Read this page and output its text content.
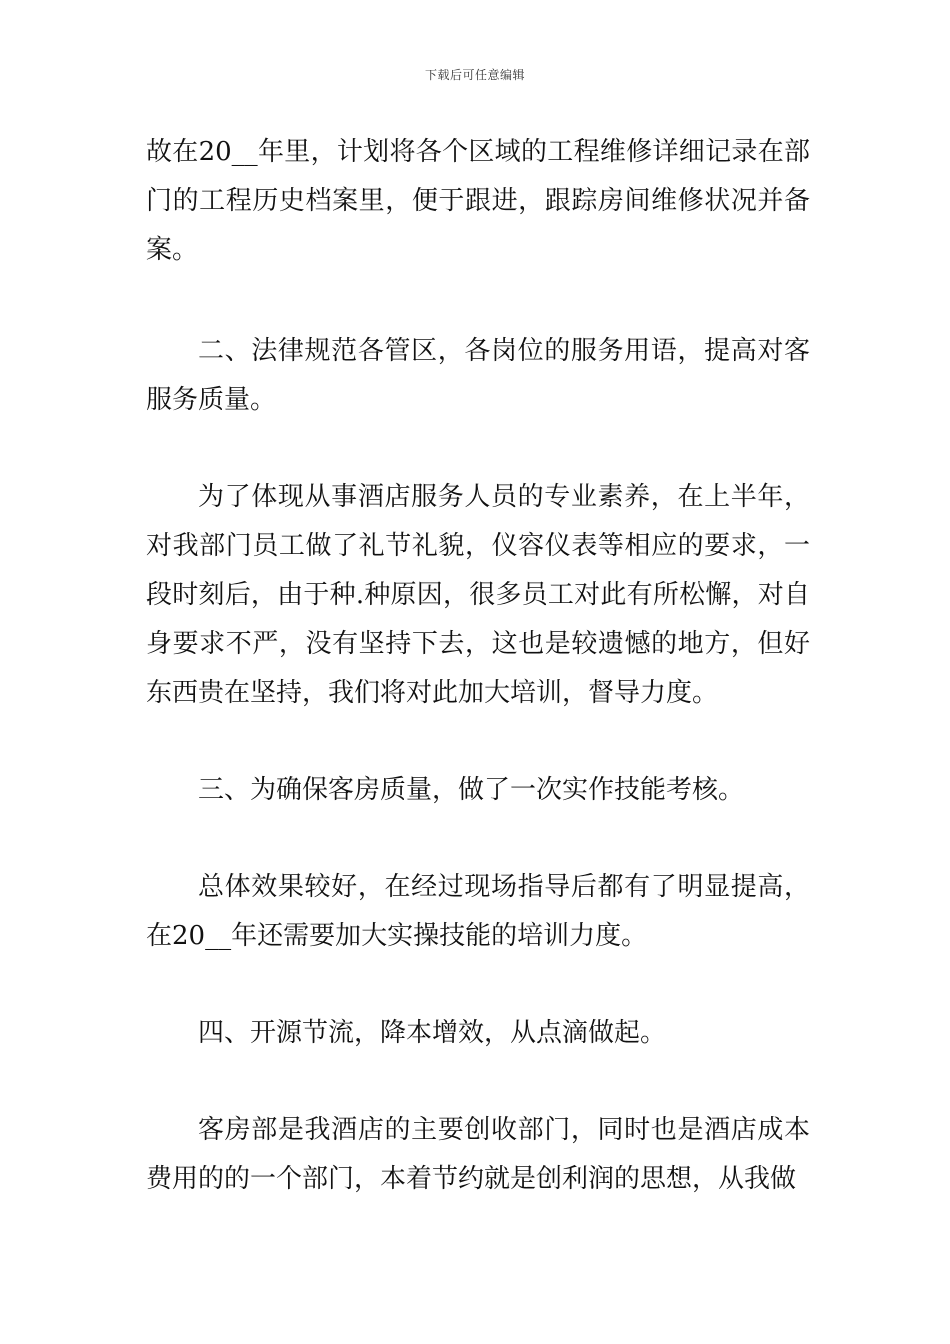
下载后可任意编辑

故在20__年里，计划将各个区域的工程维修详细记录在部门的工程历史档案里，便于跟进，跟踪房间维修状况并备案。

二、法律规范各管区，各岗位的服务用语，提高对客服务质量。

为了体现从事酒店服务人员的专业素养，在上半年，对我部门员工做了礼节礼貌，仪容仪表等相应的要求，一段时刻后，由于种.种原因，很多员工对此有所松懈，对自身要求不严，没有坚持下去，这也是较遗憾的地方，但好东西贵在坚持，我们将对此加大培训，督导力度。

三、为确保客房质量，做了一次实作技能考核。

总体效果较好，在经过现场指导后都有了明显提高，在20__年还需要加大实操技能的培训力度。

四、开源节流，降本增效，从点滴做起。

客房部是我酒店的主要创收部门，同时也是酒店成本费用的的一个部门，本着节约就是创利润的思想，从我做
